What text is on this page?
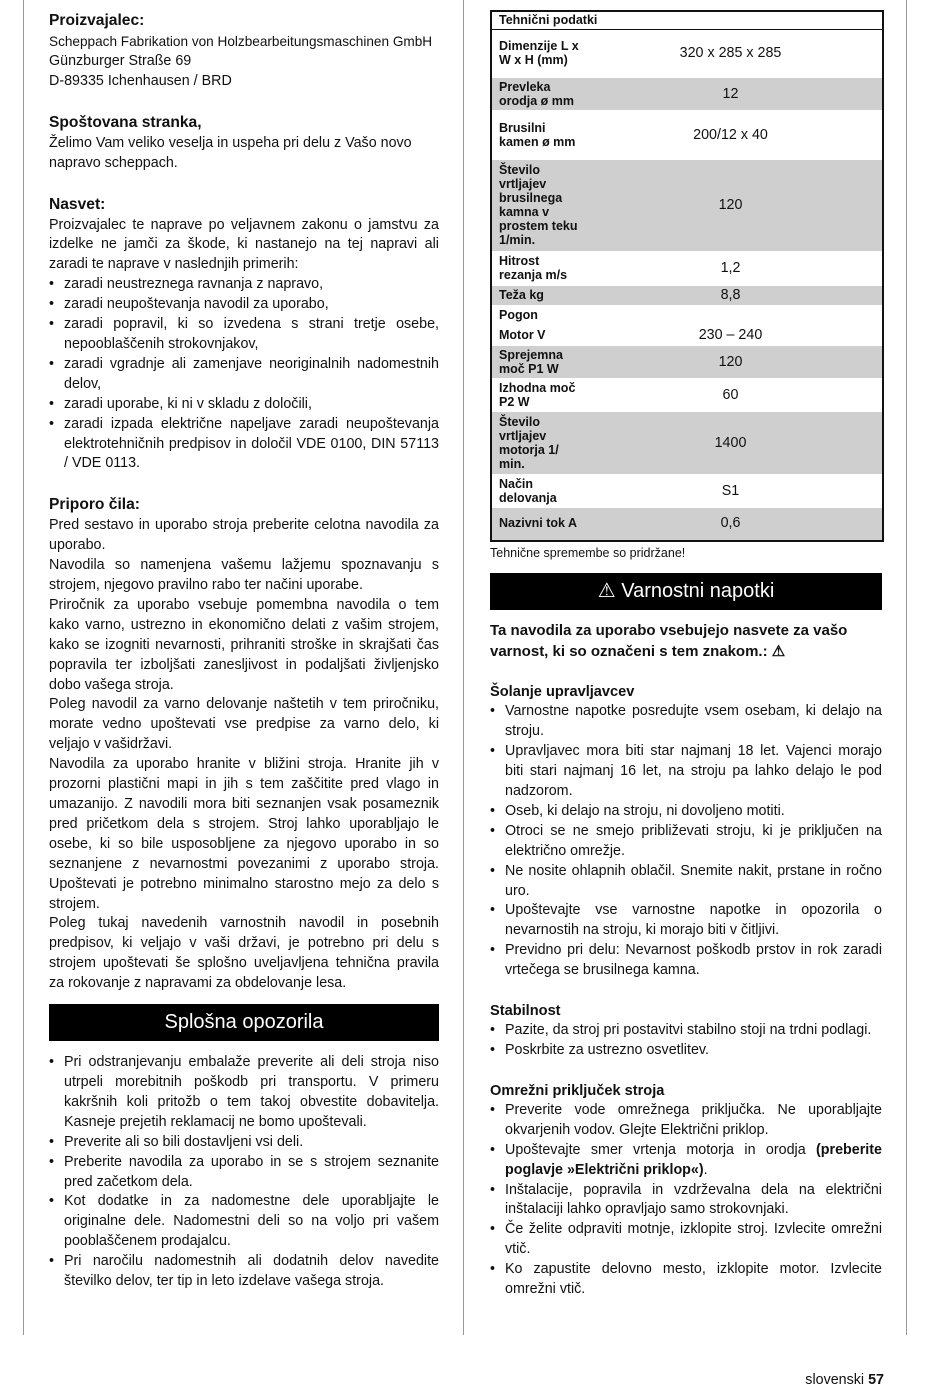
Proizvajalec:

Scheppach Fabrikation von Holzbearbeitungsmaschinen GmbH

Günzburger Straße 69

D-89335 Ichenhausen / BRD

Spoštovana stranka,

Želimo Vam veliko veselja in uspeha pri delu z Vašo novo napravo scheppach.

Nasvet:

Proizvajalec te naprave po veljavnem zakonu o jamstvu za izdelke ne jamči za škode, ki nastanejo na tej napravi ali zaradi te naprave v naslednjih primerih:

• zaradi neustreznega ravnanja z napravo,
• zaradi neupoštevanja navodil za uporabo,
• zaradi popravil, ki so izvedena s strani tretje osebe, nepooblaščenih strokovnjakov,
• zaradi vgradnje ali zamenjave neoriginalnih nadomestnih delov,
• zaradi uporabe, ki ni v skladu z določili,
• zaradi izpada električne napeljave zaradi neupoštevanja elektrotehničnih predpisov in določil VDE 0100, DIN 57113 / VDE 0113.
Priporo čila:

Pred sestavo in uporabo stroja preberite celotna navodila za uporabo.

Navodila so namenjena vašemu lažjemu spoznavanju s strojem, njegovo pravilno rabo ter načini uporabe.

Priročnik za uporabo vsebuje pomembna navodila o tem kako varno, ustrezno in ekonomično delati z vašim strojem, kako se izogniti nevarnosti, prihraniti stroške in skrajšati čas popravila ter izboljšati zanesljivost in podaljšati življenjsko dobo vašega stroja.

Poleg navodil za varno delovanje naštetih v tem priročniku, morate vedno upoštevati vse predpise za varno delo, ki veljajo v vašidržavi.

Navodila za uporabo hranite v bližini stroja. Hranite jih v prozorni plastični mapi in jih s tem zaščitite pred vlago in umazanijo. Z navodili mora biti seznanjen vsak posameznik pred pričetkom dela s strojem. Stroj lahko uporabljajo le osebe, ki so bile usposobljene za njegovo uporabo in so seznanjene z nevarnostmi povezanimi z uporabo stroja. Upoštevati je potrebno minimalno starostno mejo za delo s strojem.

Poleg tukaj navedenih varnostnih navodil in posebnih predpisov, ki veljajo v vaši državi, je potrebno pri delu s strojem upoštevati še splošno uveljavljena tehnična pravila za rokovanje z napravami za obdelovanje lesa.

Splošna opozorila
• Pri odstranjevanju embalaže preverite ali deli stroja niso utrpeli morebitnih poškodb pri transportu. V primeru kakršnih koli pritožb o tem takoj obvestite dobavitelja. Kasneje prejetih reklamacij ne bomo upoštevali.
• Preverite ali so bili dostavljeni vsi deli.
• Preberite navodila za uporabo in se s strojem seznanite pred začetkom dela.
• Kot dodatke in za nadomestne dele uporabljajte le originalne dele. Nadomestni deli so na voljo pri vašem pooblaščenem prodajalcu.
• Pri naročilu nadomestnih ali dodatnih delov navedite številko delov, ter tip in leto izdelave vašega stroja.
Tehnični podatki	
Dimenzije L x W x H (mm)	320 x 285 x 285
Prevleka orodja ø mm	12
Brusilni kamen ø mm	200/12 x 40
Število vrtljajev brusilnega kamna v prostem teku 1/min.	120
Hitrost rezanja m/s	1,2
Teža kg	8,8
Pogon	
Motor V	230 – 240
Sprejemna moč P1 W	120
Izhodna moč P2 W	60
Število vrtljajev motorja 1/ min.	1400
Način delovanja	S1
Nazivni tok A	0,6

Tehnične spremembe so pridržane!

⚠ Varnostni napotki

Ta navodila za uporabo vsebujejo nasvete za vašo varnost, ki so označeni s tem znakom.: ⚠

Šolanje upravljavcev
• Varnostne napotke posredujte vsem osebam, ki delajo na stroju.
• Upravljavec mora biti star najmanj 18 let. Vajenci morajo biti stari najmanj 16 let, na stroju pa lahko delajo le pod nadzorom.
• Oseb, ki delajo na stroju, ni dovoljeno motiti.
• Otroci se ne smejo približevati stroju, ki je priključen na električno omrežje.
• Ne nosite ohlapnih oblačil. Snemite nakit, prstane in ročno uro.
• Upoštevajte vse varnostne napotke in opozorila o nevarnostih na stroju, ki morajo biti v čitljivi.
• Previdno pri delu: Nevarnost poškodb prstov in rok zaradi vrtečega se brusilnega kamna.
Stabilnost
• Pazite, da stroj pri postavitvi stabilno stoji na trdni podlagi.
• Poskrbite za ustrezno osvetlitev.
Omrežni priključek stroja
• Preverite vode omrežnega priključka. Ne uporabljajte okvarjenih vodov. Glejte Električni priklop.
• Upoštevajte smer vrtenja motorja in orodja (preberite poglavje »Električni priklop«).
• Inštalacije, popravila in vzdrževalna dela na električni inštalaciji lahko opravljajo samo strokovnjaki.
• Če želite odpraviti motnje, izklopite stroj. Izvlecite omrežni vtič.
• Ko zapustite delovno mesto, izklopite motor. Izvlecite omrežni vtič.
slovenski 57
